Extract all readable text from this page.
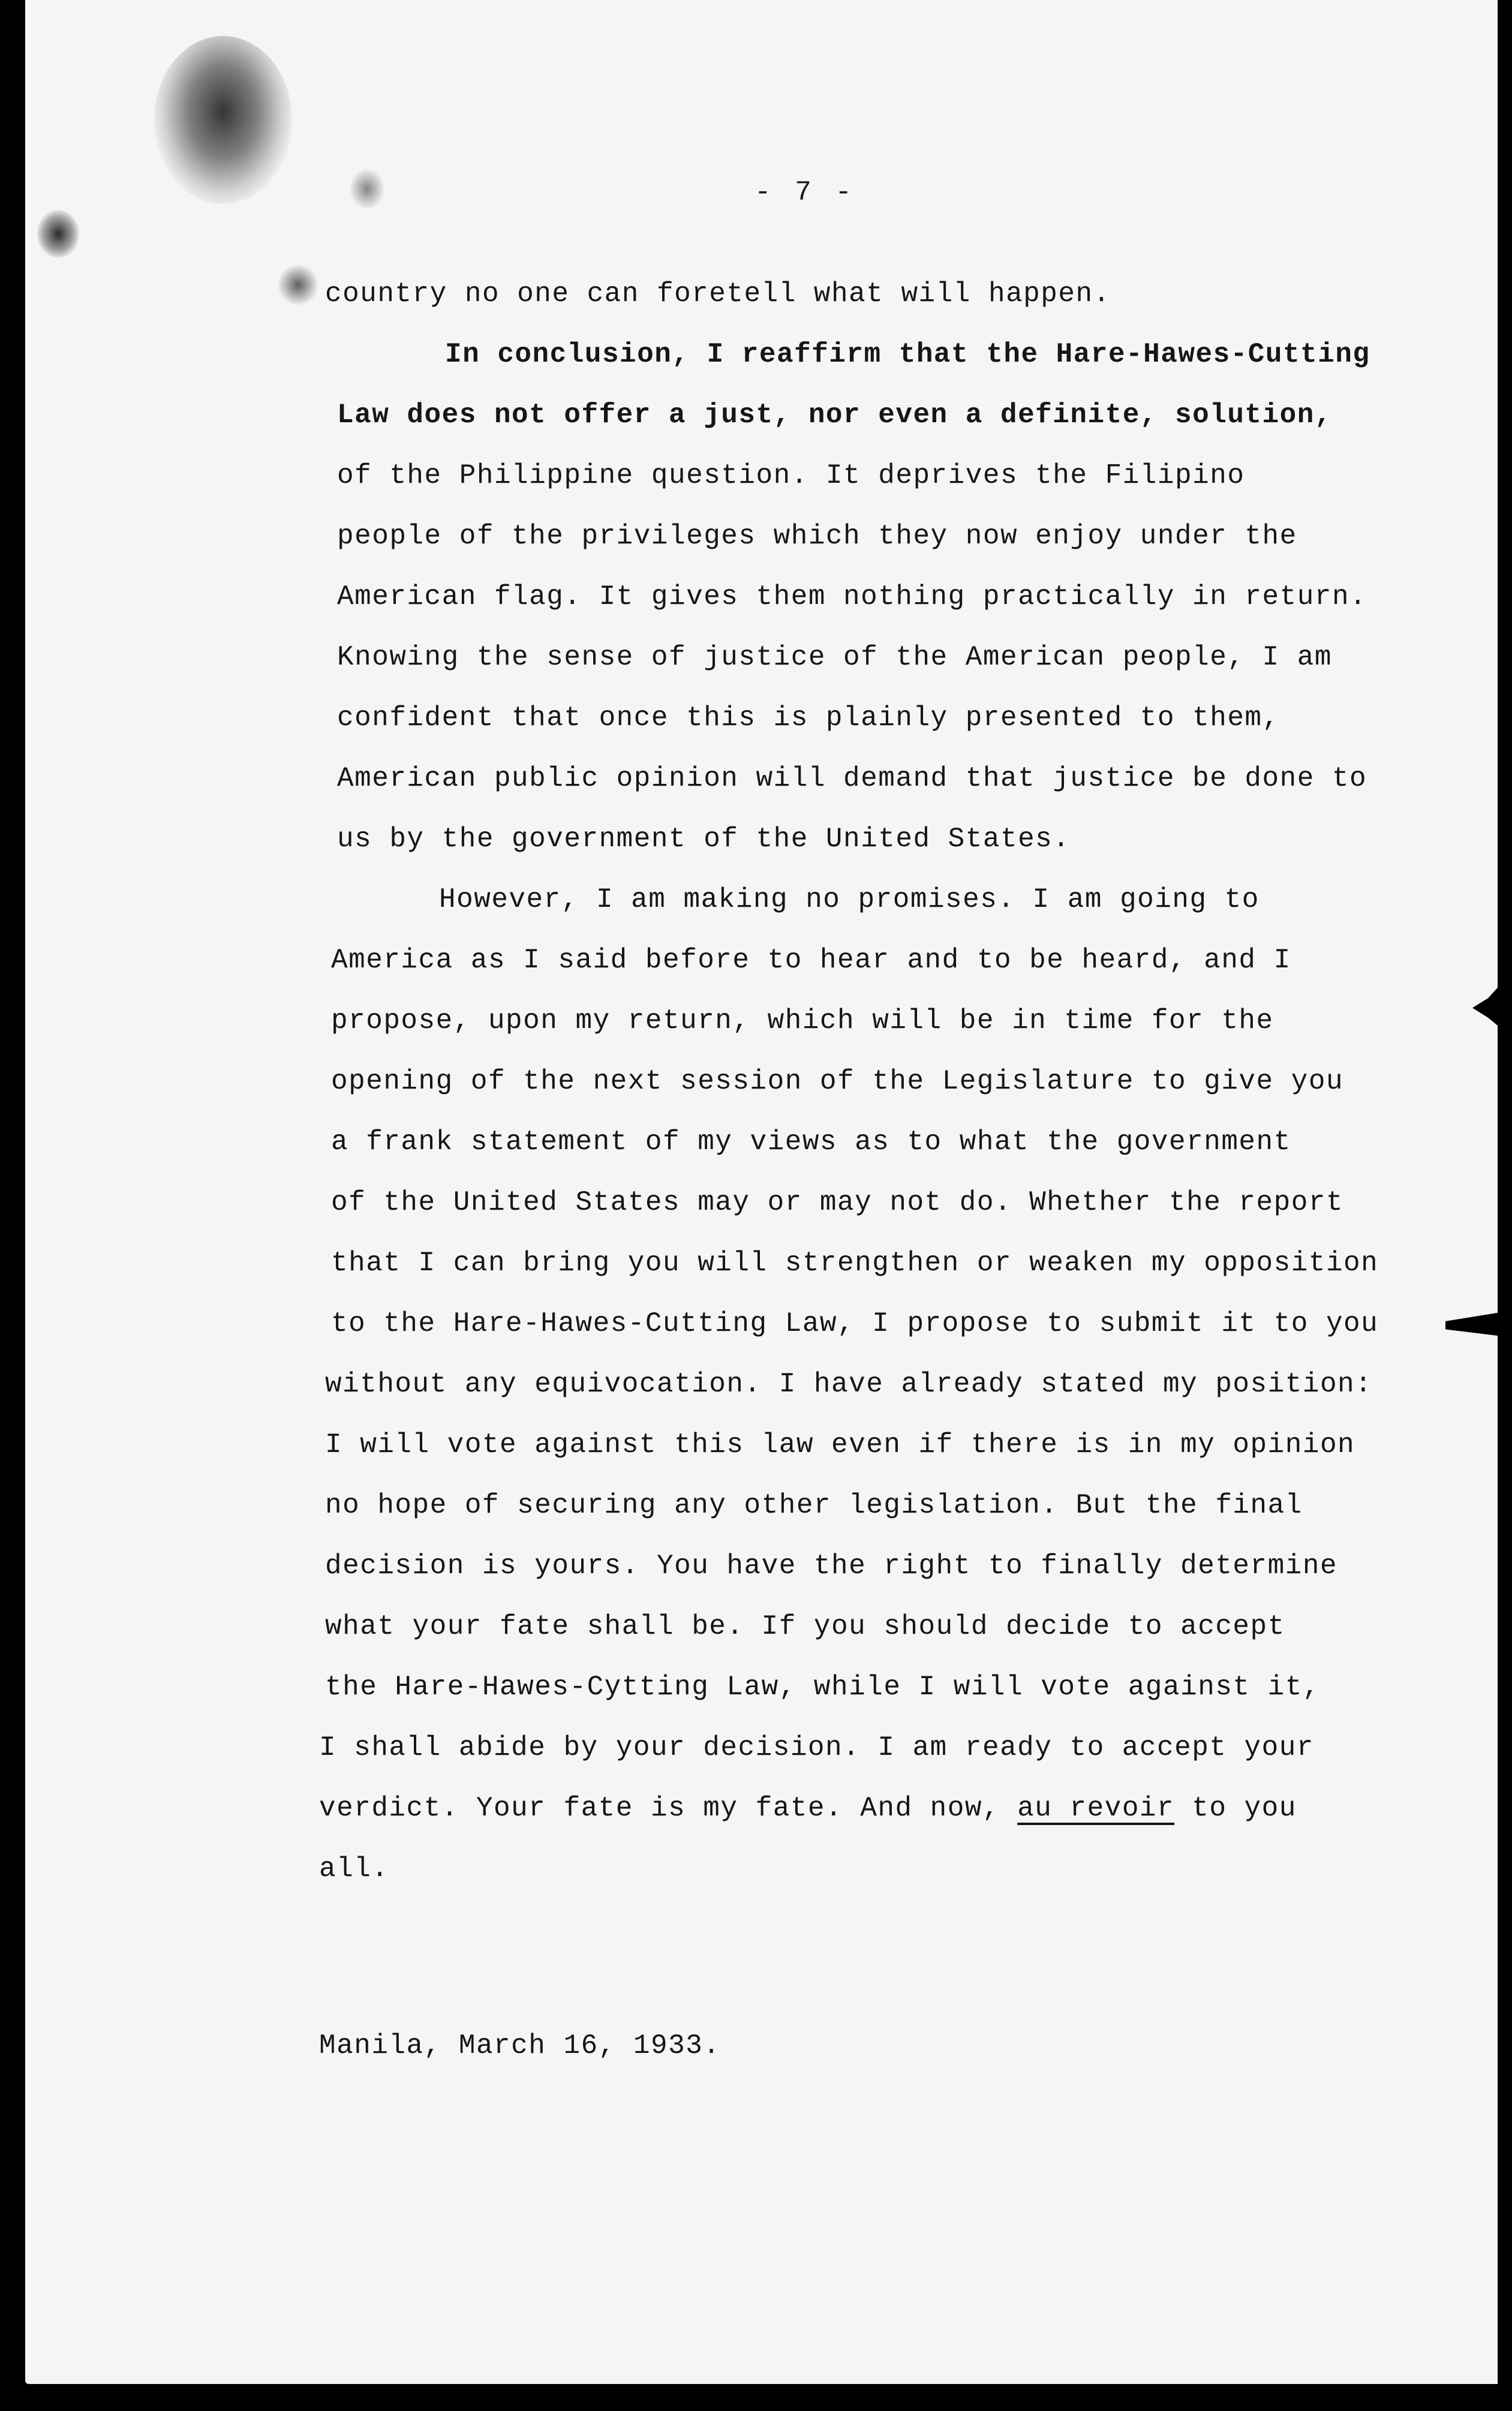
- 7 -
country no one can foretell what will happen.
In conclusion, I reaffirm that the Hare-Hawes-Cutting
Law does not offer a just, nor even a definite, solution,
of the Philippine question. It deprives the Filipino
people of the privileges which they now enjoy under the
American flag. It gives them nothing practically in return.
Knowing the sense of justice of the American people, I am
confident that once this is plainly presented to them,
American public opinion will demand that justice be done to
us by the government of the United States.
However, I am making no promises. I am going to
America as I said before to hear and to be heard, and I
propose, upon my return, which will be in time for the
opening of the next session of the Legislature to give you
a frank statement of my views as to what the government
of the United States may or may not do. Whether the report
that I can bring you will strengthen or weaken my opposition
to the Hare-Hawes-Cutting Law, I propose to submit it to you
without any equivocation. I have already stated my position:
I will vote against this law even if there is in my opinion
no hope of securing any other legislation. But the final
decision is yours. You have the right to finally determine
what your fate shall be. If you should decide to accept
the Hare-Hawes-Cytting Law, while I will vote against it,
I shall abide by your decision. I am ready to accept your
verdict. Your fate is my fate. And now, au revoir to you
all.
Manila, March 16, 1933.
